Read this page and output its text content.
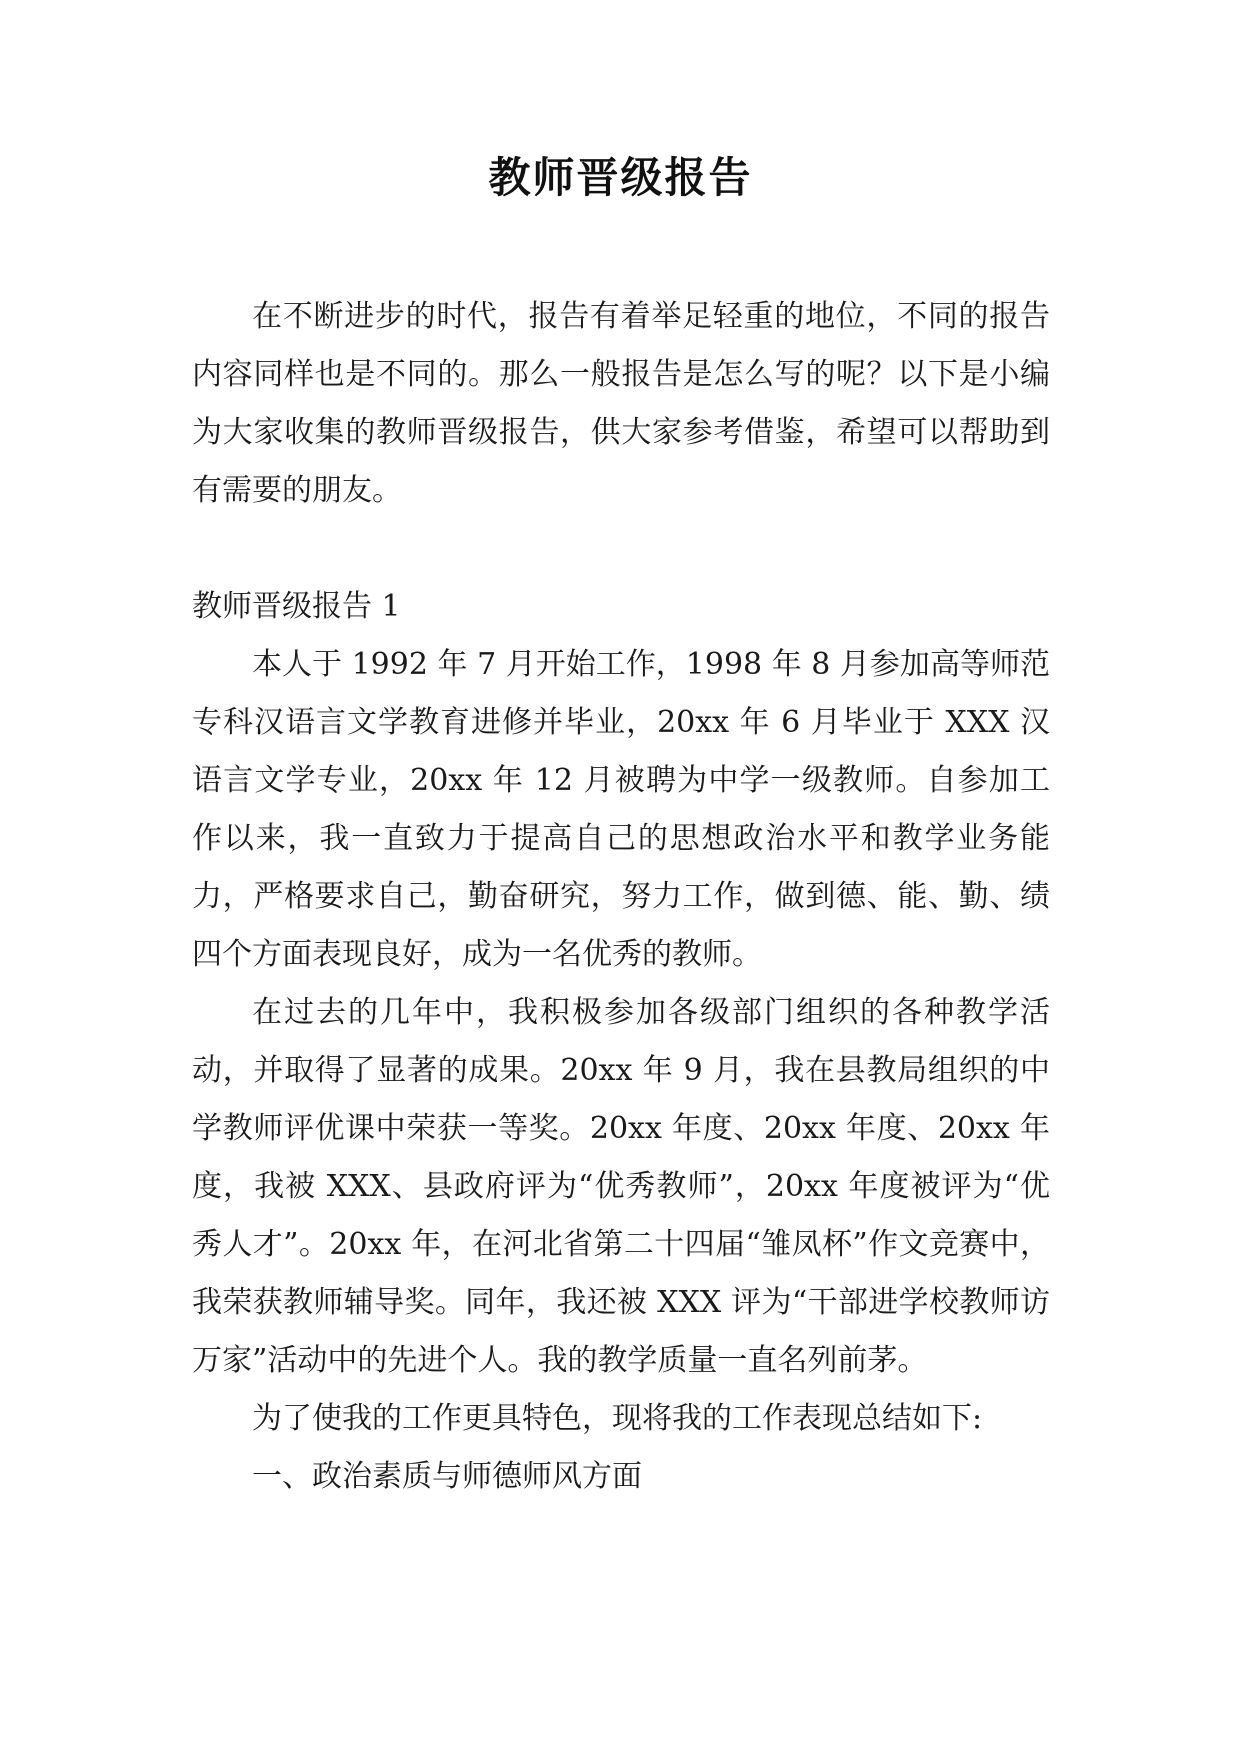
教师晋级报告

在不断进步的时代，报告有着举足轻重的地位，不同的报告内容同样也是不同的。那么一般报告是怎么写的呢？以下是小编为大家收集的教师晋级报告，供大家参考借鉴，希望可以帮助到有需要的朋友。

教师晋级报告 1

本人于 1992 年 7 月开始工作，1998 年 8 月参加高等师范专科汉语言文学教育进修并毕业，20xx 年 6 月毕业于 XXX 汉语言文学专业，20xx 年 12 月被聘为中学一级教师。自参加工作以来，我一直致力于提高自己的思想政治水平和教学业务能力，严格要求自己，勤奋研究，努力工作，做到德、能、勤、绩四个方面表现良好，成为一名优秀的教师。

在过去的几年中，我积极参加各级部门组织的各种教学活动，并取得了显著的成果。20xx 年 9 月，我在县教局组织的中学教师评优课中荣获一等奖。20xx 年度、20xx 年度、20xx 年度，我被 XXX、县政府评为“优秀教师”，20xx 年度被评为“优秀人才”。20xx 年，在河北省第二十四届“雏凤杯”作文竞赛中，我荣获教师辅导奖。同年，我还被 XXX 评为“干部进学校教师访万家”活动中的先进个人。我的教学质量一直名列前茅。

为了使我的工作更具特色，现将我的工作表现总结如下:

一、政治素质与师德师风方面
